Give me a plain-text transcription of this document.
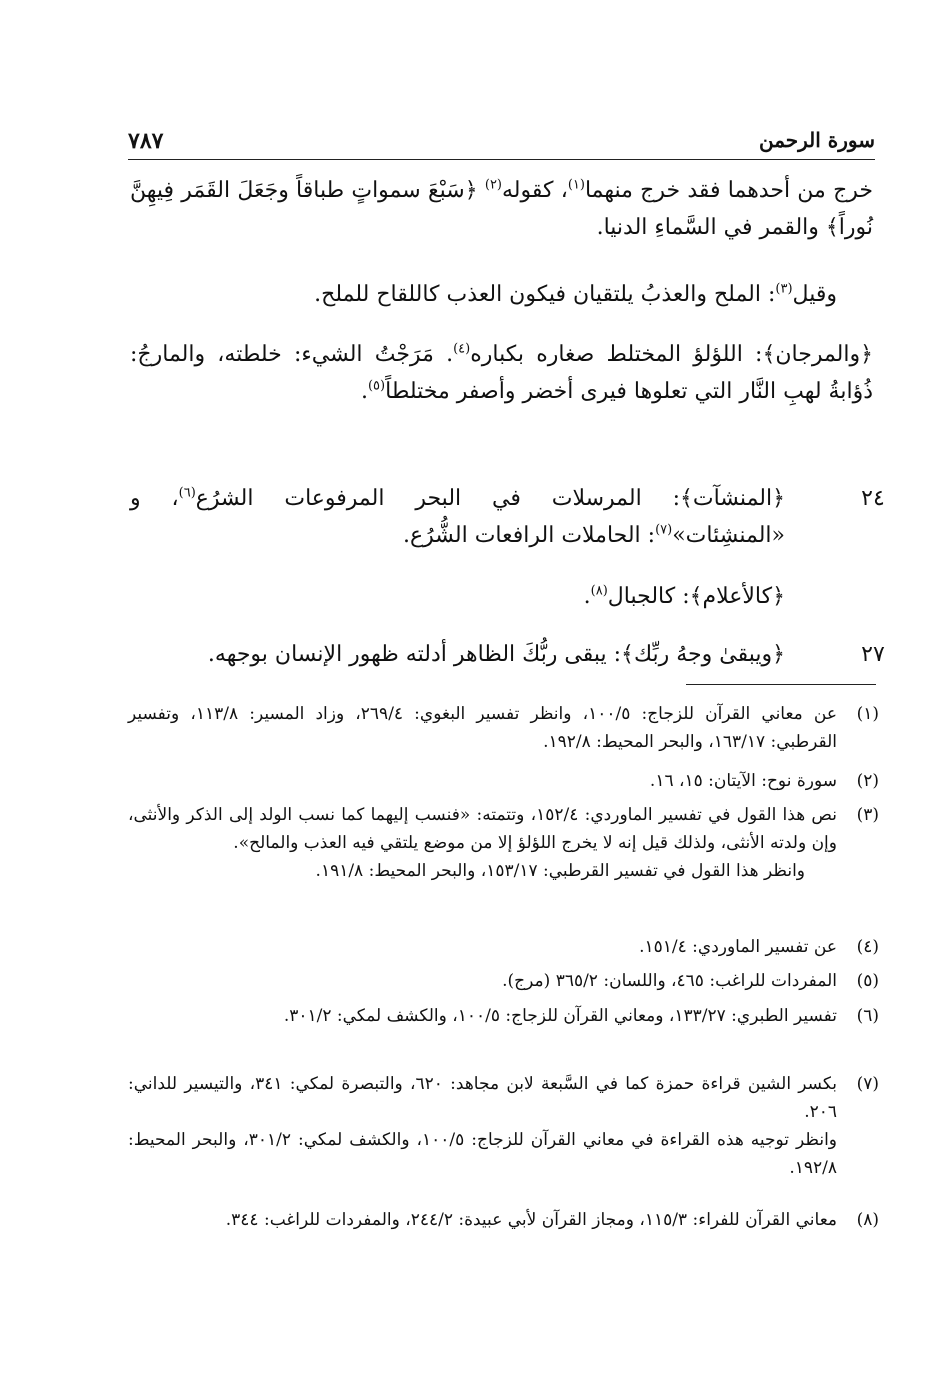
سورة الرحمن
٧٨٧

خرج من أحدهما فقد خرج منهما$^{(١)}$، كقوله$^{(٢)}$ ﴿سَبْعَ سمواتٍ طباقاً وجَعَلَ القَمَر فِيهِنَّ نُوراً﴾ والقمر في السَّماءِ الدنيا.

وقيل$^{(٣)}$: الملح والعذبُ يلتقيان فيكون العذب كاللقاح للملح.

﴿والمرجان﴾: اللؤلؤ المختلط صغاره بكباره$^{(٤)}$. مَرَجْتُ الشيء: خلطته، والمارجُ: ذُؤابةُ لهبِ النَّار التي تعلوها فيرى أخضر وأصفر مختلطاً$^{(٥)}$.

٢٤
﴿المنشآت﴾: المرسلات في البحر المرفوعات الشرُع$^{(٦)}$، و «المنشِئات»$^{(٧)}$: الحاملات الرافعات الشُّرُع.

﴿كالأعلام﴾: كالجبال$^{(٨)}$.

٢٧
﴿ويبقىٰ وجهُ ربِّك﴾: يبقى ربُّكَ الظاهر أدلته ظهور الإنسان بوجهه.
(١)
عن معاني القرآن للزجاج: ١٠٠/٥، وانظر تفسير البغوي: ٢٦٩/٤، وزاد المسير: ١١٣/٨، وتفسير القرطبي: ١٦٣/١٧، والبحر المحيط: ١٩٢/٨.
(٢)
سورة نوح: الآيتان: ١٥، ١٦.
(٣)
نص هذا القول في تفسير الماوردي: ١٥٢/٤، وتتمته: «فنسب إليهما كما نسب الولد إلى الذكر والأنثى، وإن ولدته الأنثى، ولذلك قيل إنه لا يخرج اللؤلؤ إلا من موضع يلتقي فيه العذب والمالح».
وانظر هذا القول في تفسير القرطبي: ١٥٣/١٧، والبحر المحيط: ١٩١/٨.
(٤)
عن تفسير الماوردي: ١٥١/٤.
(٥)
المفردات للراغب: ٤٦٥، واللسان: ٣٦٥/٢ (مرج).
(٦)
تفسير الطبري: ١٣٣/٢٧، ومعاني القرآن للزجاج: ١٠٠/٥، والكشف لمكي: ٣٠١/٢.
(٧)
بكسر الشين قراءة حمزة كما في السَّبعة لابن مجاهد: ٦٢٠، والتبصرة لمكي: ٣٤١، والتيسير للداني: ٢٠٦.
وانظر توجيه هذه القراءة في معاني القرآن للزجاج: ١٠٠/٥، والكشف لمكي: ٣٠١/٢، والبحر المحيط: ١٩٢/٨.
(٨)
معاني القرآن للفراء: ١١٥/٣، ومجاز القرآن لأبي عبيدة: ٢٤٤/٢، والمفردات للراغب: ٣٤٤.
